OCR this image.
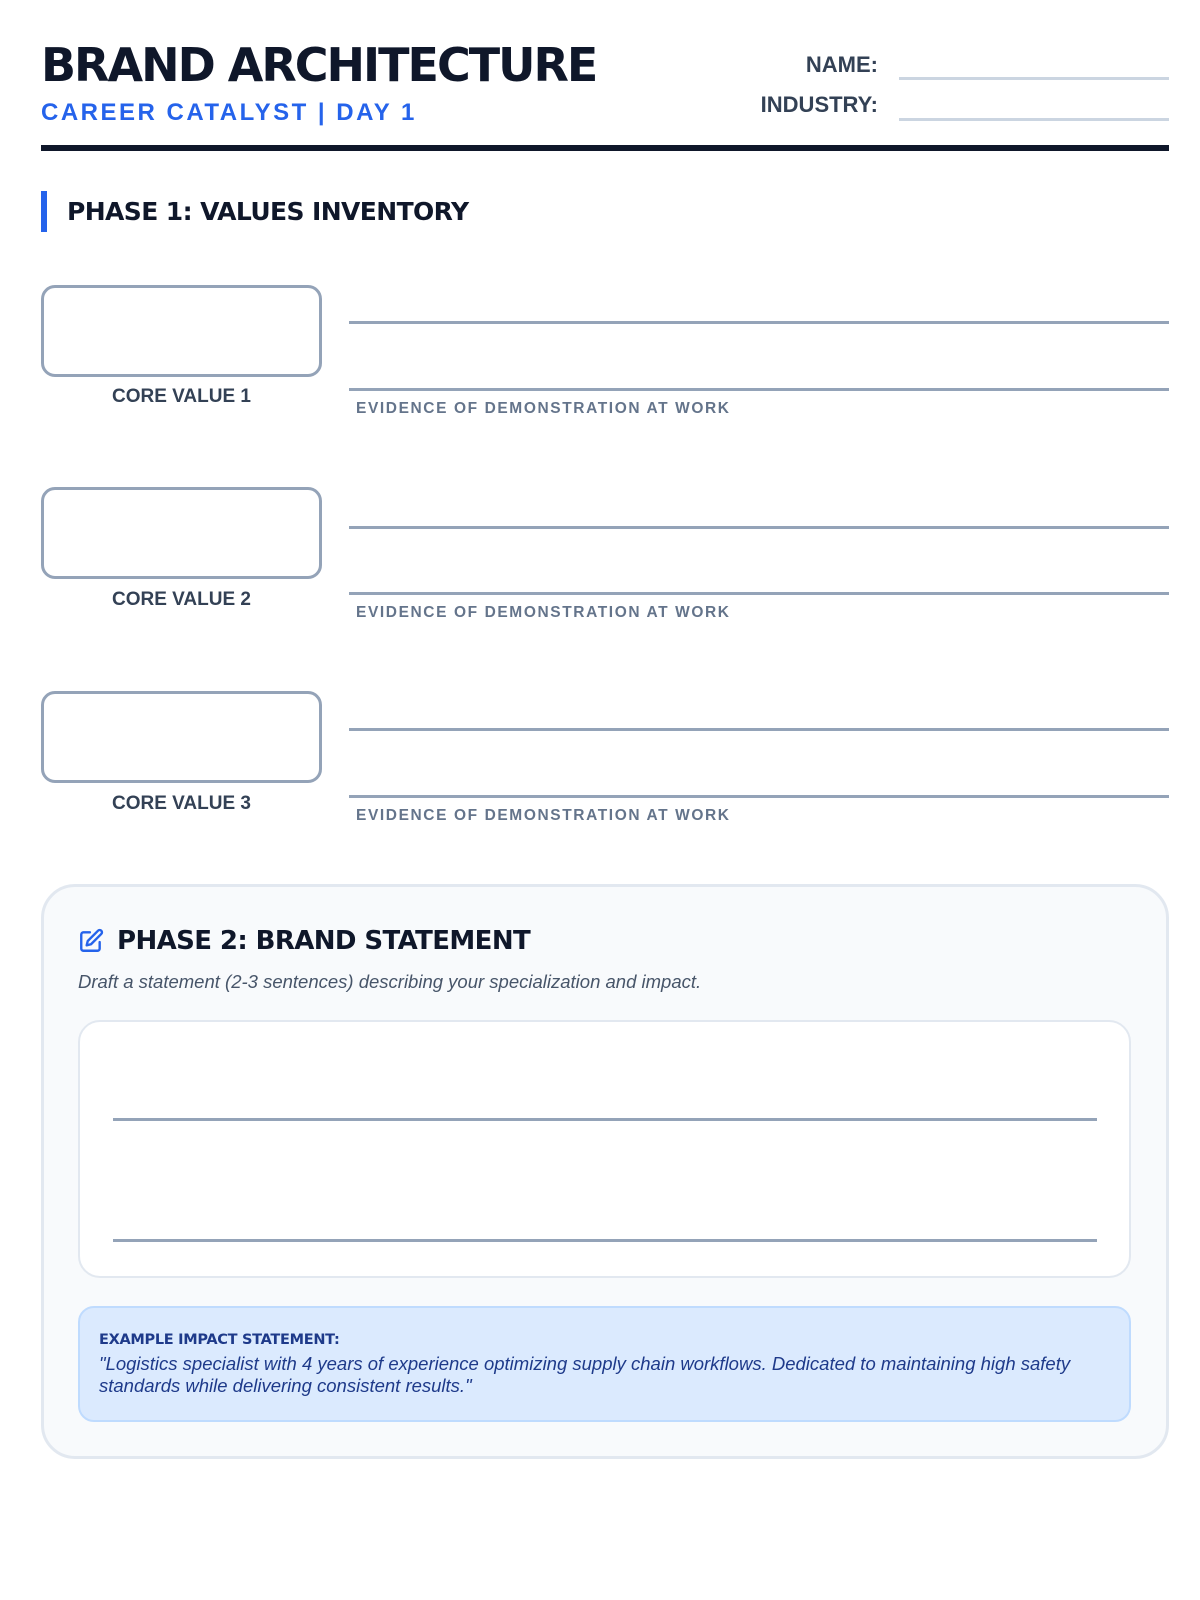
BRAND ARCHITECTURE
CAREER CATALYST | DAY 1
NAME:
INDUSTRY:
PHASE 1: VALUES INVENTORY
CORE VALUE 1
EVIDENCE OF DEMONSTRATION AT WORK
CORE VALUE 2
EVIDENCE OF DEMONSTRATION AT WORK
CORE VALUE 3
EVIDENCE OF DEMONSTRATION AT WORK
PHASE 2: BRAND STATEMENT
Draft a statement (2-3 sentences) describing your specialization and impact.
EXAMPLE IMPACT STATEMENT:
"Logistics specialist with 4 years of experience optimizing supply chain workflows. Dedicated to maintaining high safety standards while delivering consistent results."
